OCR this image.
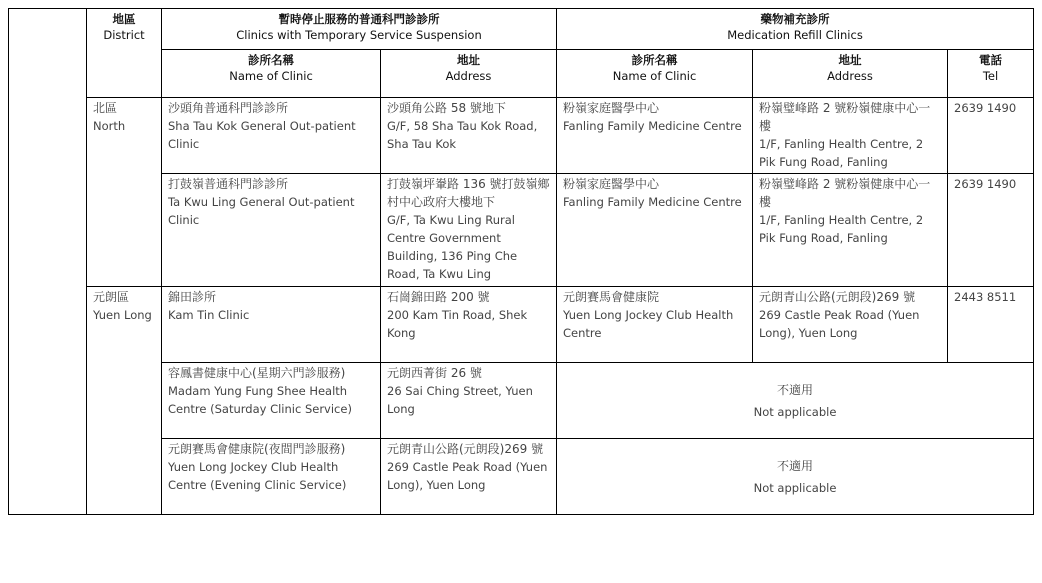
	地區
District	暫時停止服務的普通科門診診所
Clinics with Temporary Service Suspension		藥物補充診所
Medication Refill Clinics		

		診所名稱
Name of Clinic	地址
Address	診所名稱
Name of Clinic	地址
Address	電話
Tel

	北區
North	沙頭角普通科門診診所
Sha Tau Kok General Out-patient Clinic	沙頭角公路 58 號地下
G/F, 58 Sha Tau Kok Road, Sha Tau Kok	粉嶺家庭醫學中心
Fanling Family Medicine Centre	粉嶺璧峰路 2 號粉嶺健康中心一樓
1/F, Fanling Health Centre, 2 Pik Fung Road, Fanling	2639 1490

		打鼓嶺普通科門診診所
Ta Kwu Ling General Out-patient Clinic	打鼓嶺坪輋路 136 號打鼓嶺鄉村中心政府大樓地下
G/F, Ta Kwu Ling Rural Centre Government Building, 136 Ping Che Road, Ta Kwu Ling	粉嶺家庭醫學中心
Fanling Family Medicine Centre	粉嶺璧峰路 2 號粉嶺健康中心一樓
1/F, Fanling Health Centre, 2 Pik Fung Road, Fanling	2639 1490

	元朗區
Yuen Long	錦田診所
Kam Tin Clinic	石崗錦田路 200 號
200 Kam Tin Road, Shek Kong	元朗賽馬會健康院
Yuen Long Jockey Club Health Centre	元朗青山公路(元朗段)269 號
269 Castle Peak Road (Yuen Long), Yuen Long	2443 8511

		容鳳書健康中心(星期六門診服務)
Madam Yung Fung Shee Health Centre (Saturday Clinic Service)	元朗西菁街 26 號
26 Sai Ching Street, Yuen Long	不適用
Not applicable		

		元朗賽馬會健康院(夜間門診服務)
Yuen Long Jockey Club Health Centre (Evening Clinic Service)	元朗青山公路(元朗段)269 號
269 Castle Peak Road (Yuen Long), Yuen Long	不適用
Not applicable		
